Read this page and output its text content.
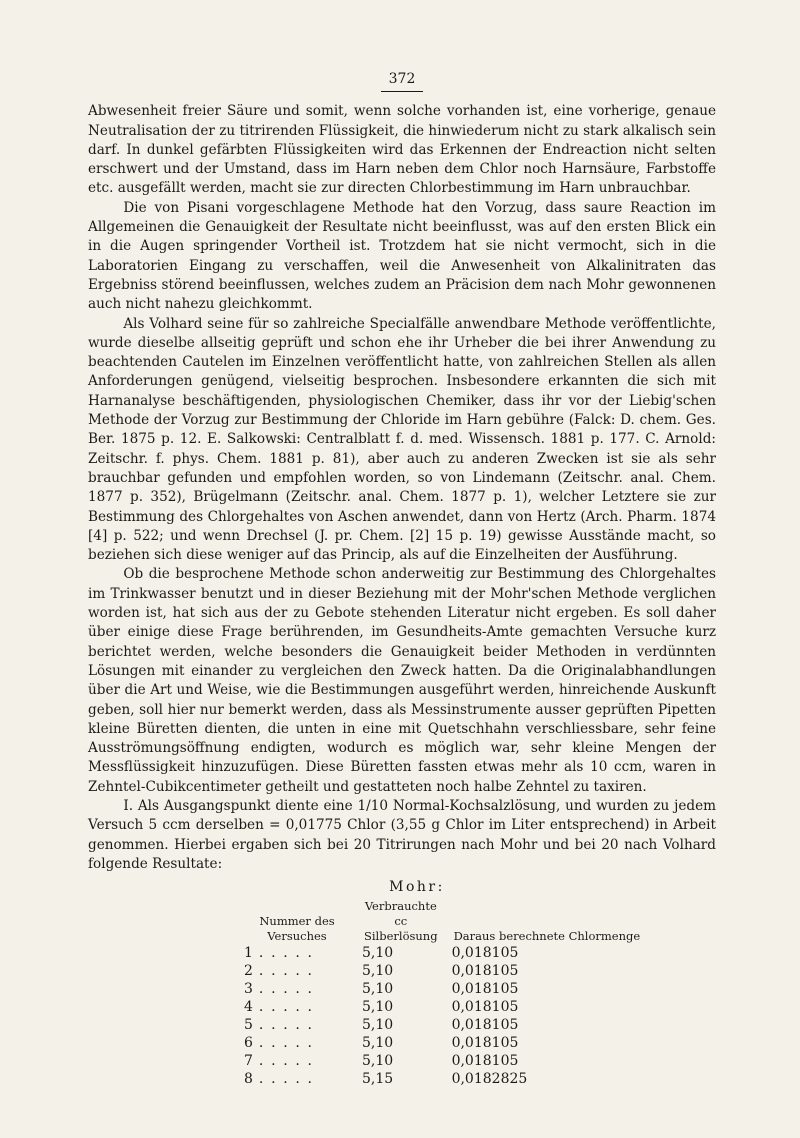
372

Abwesenheit freier Säure und somit, wenn solche vorhanden ist, eine vorherige, genaue Neutralisation der zu titrirenden Flüssigkeit, die hinwiederum nicht zu stark alkalisch sein darf. In dunkel gefärbten Flüssigkeiten wird das Erkennen der Endreaction nicht selten erschwert und der Umstand, dass im Harn neben dem Chlor noch Harnsäure, Farbstoffe etc. ausgefällt werden, macht sie zur directen Chlorbestimmung im Harn unbrauchbar.

Die von Pisani vorgeschlagene Methode hat den Vorzug, dass saure Reaction im Allgemeinen die Genauigkeit der Resultate nicht beeinflusst, was auf den ersten Blick ein in die Augen springender Vortheil ist. Trotzdem hat sie nicht vermocht, sich in die Laboratorien Eingang zu verschaffen, weil die Anwesenheit von Alkalinitraten das Ergebniss störend beeinflussen, welches zudem an Präcision dem nach Mohr gewonnenen auch nicht nahezu gleichkommt.

Als Volhard seine für so zahlreiche Specialfälle anwendbare Methode veröffentlichte, wurde dieselbe allseitig geprüft und schon ehe ihr Urheber die bei ihrer Anwendung zu beachtenden Cautelen im Einzelnen veröffentlicht hatte, von zahlreichen Stellen als allen Anforderungen genügend, vielseitig besprochen. Insbesondere erkannten die sich mit Harnanalyse beschäftigenden, physiologischen Chemiker, dass ihr vor der Liebig'schen Methode der Vorzug zur Bestimmung der Chloride im Harn gebühre (Falck: D. chem. Ges. Ber. 1875 p. 12. E. Salkowski: Centralblatt f. d. med. Wissensch. 1881 p. 177. C. Arnold: Zeitschr. f. phys. Chem. 1881 p. 81), aber auch zu anderen Zwecken ist sie als sehr brauchbar gefunden und empfohlen worden, so von Lindemann (Zeitschr. anal. Chem. 1877 p. 352), Brügelmann (Zeitschr. anal. Chem. 1877 p. 1), welcher Letztere sie zur Bestimmung des Chlorgehaltes von Aschen anwendet, dann von Hertz (Arch. Pharm. 1874 [4] p. 522; und wenn Drechsel (J. pr. Chem. [2] 15 p. 19) gewisse Ausstände macht, so beziehen sich diese weniger auf das Princip, als auf die Einzelheiten der Ausführung.

Ob die besprochene Methode schon anderweitig zur Bestimmung des Chlorgehaltes im Trinkwasser benutzt und in dieser Beziehung mit der Mohr'schen Methode verglichen worden ist, hat sich aus der zu Gebote stehenden Literatur nicht ergeben. Es soll daher über einige diese Frage berührenden, im Gesundheits-Amte gemachten Versuche kurz berichtet werden, welche besonders die Genauigkeit beider Methoden in verdünnten Lösungen mit einander zu vergleichen den Zweck hatten. Da die Originalabhandlungen über die Art und Weise, wie die Bestimmungen ausgeführt werden, hinreichende Auskunft geben, soll hier nur bemerkt werden, dass als Messinstrumente ausser geprüften Pipetten kleine Büretten dienten, die unten in eine mit Quetschhahn verschliessbare, sehr feine Ausströmungsöffnung endigten, wodurch es möglich war, sehr kleine Mengen der Messflüssigkeit hinzuzufügen. Diese Büretten fassten etwas mehr als 10 ccm, waren in Zehntel-Cubikcentimeter getheilt und gestatteten noch halbe Zehntel zu taxiren.

I. Als Ausgangspunkt diente eine 1/10 Normal-Kochsalzlösung, und wurden zu jedem Versuch 5 ccm derselben = 0,01775 Chlor (3,55 g Chlor im Liter entsprechend) in Arbeit genommen. Hierbei ergaben sich bei 20 Titrirungen nach Mohr und bei 20 nach Volhard folgende Resultate:

Mohr:
Nummer des Versuches	Verbrauchte cc Silberlösung	Daraus berechnete Chlormenge
1 .....	5,10	0,018105
2 .....	5,10	0,018105
3 .....	5,10	0,018105
4 .....	5,10	0,018105
5 .....	5,10	0,018105
6 .....	5,10	0,018105
7 .....	5,10	0,018105
8 .....	5,15	0,0182825
